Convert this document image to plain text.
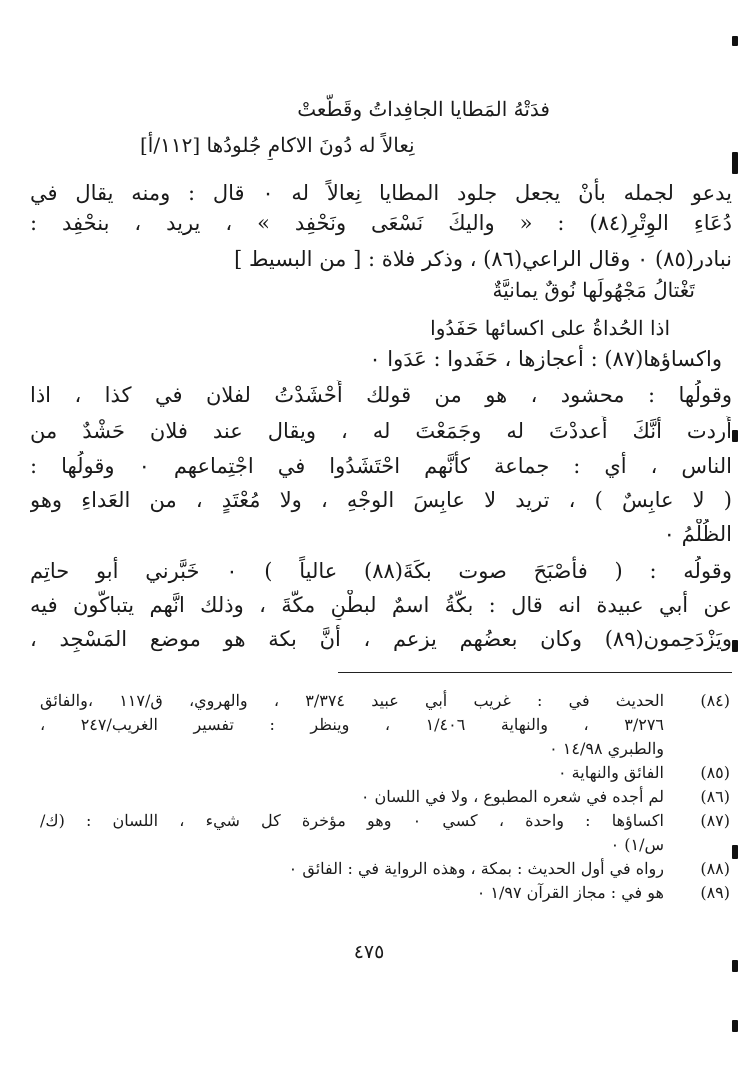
فدَتْهُ المَطايا الجافِداتُ وقَطَّعتْ
نِعالاً له دُونَ الاكامِ جُلودُها [١١٢/أ]
يدعو لجمله بأنْ يجعل جلود المطايا نِعالاً له ٠ قال : ومنه يقال في
دُعَاءِ الوِتْرِ(٨٤) : « واليكَ نَسْعَى ونَحْفِد » ، يريد ، بنحْفِد :
نبادر(٨٥) ٠ وقال الراعي(٨٦) ، وذكر فلاة : [ من البسيط ]
تَغْتالُ مَجْهُولَها نُوقٌ يمانيَّةٌ
اذا الحُداةُ على اكسائها حَفَدُوا
واكساؤها(٨٧) : أعجازها ، حَفَدوا : عَدَوا ٠
وقولُها : محشود ، هو من قولك أَحْشَدْتُ لفلان في كذا ، اذا
أَردت أنَّكَ أَعددْتَ له وجَمَعْتَ له ، ويقال عند فلان حَشْدٌ من
الناس ، أي : جماعة كأنَّهم احْتَشَدُوا في اجْتِماعهم ٠ وقولُها :
( لا عابِسٌ ) ، تريد لا عابِسَ الوجْهِ ، ولا مُعْتَدٍ ، من العَداءِ وهو
الظُلْمُ ٠
وقولُه : ( فأَصْبَحَ صوت بكَةَ(٨٨) عالياً ) ٠ خَبَّرني أبو حاتِم
عن أبي عبيدة انه قال : بكَّةُ اسمٌ لبطْنِ مكَّةَ ، وذلك انَّهم يتباكُّون فيه
ويَزْدَحِمون(٨٩) وكان بعضُهم يزعم ، أنَّ بكة هو موضع المَسْجِد ،
(٨٤)
الحديث في : غريب أبي عبيد ٣/٣٧٤ ، والهروي، ق/١١٧ ،والفائق
٣/٢٧٦ ، والنهاية ١/٤٠٦ ، وينظر : تفسير الغريب/٢٤٧ ،
والطبري ١٤/٩٨ ٠
(٨٥)
الفائق والنهاية ٠
(٨٦)
لم أجده في شعره المطبوع ، ولا في اللسان ٠
(٨٧)
اكساؤها : واحدة ، كسي ٠ وهو مؤخرة كل شيء ، اللسان : (ك/
س/١) ٠
(٨٨)
رواه في أول الحديث : بمكة ، وهذه الرواية في : الفائق ٠
(٨٩)
هو في : مجاز القرآن ١/٩٧ ٠
٤٧٥
